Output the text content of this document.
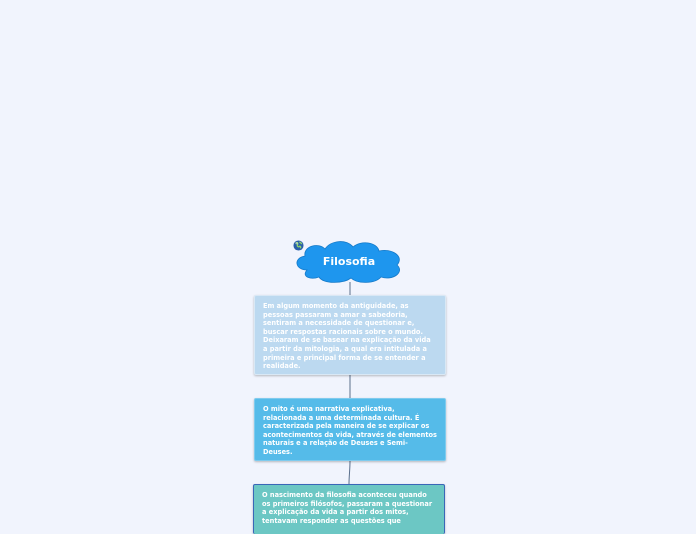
Filosofia
Em algum momento da antiguidade, as pessoas passaram a amar a sabedoria, sentiram a necessidade de questionar e, buscar respostas racionais sobre o mundo. Deixaram de se basear na explicação da vida a partir da mitologia, a qual era intitulada a primeira e principal forma de se entender a realidade.
O mito é uma narrativa explicativa, relacionada a uma determinada cultura. É caracterizada pela maneira de se explicar os acontecimentos da vida, através de elementos naturais e a relação de Deuses e Semi-Deuses.
O nascimento da filosofia aconteceu quando os primeiros filósofos, passaram a questionar a explicação da vida a partir dos mitos, tentavam responder as questões que
